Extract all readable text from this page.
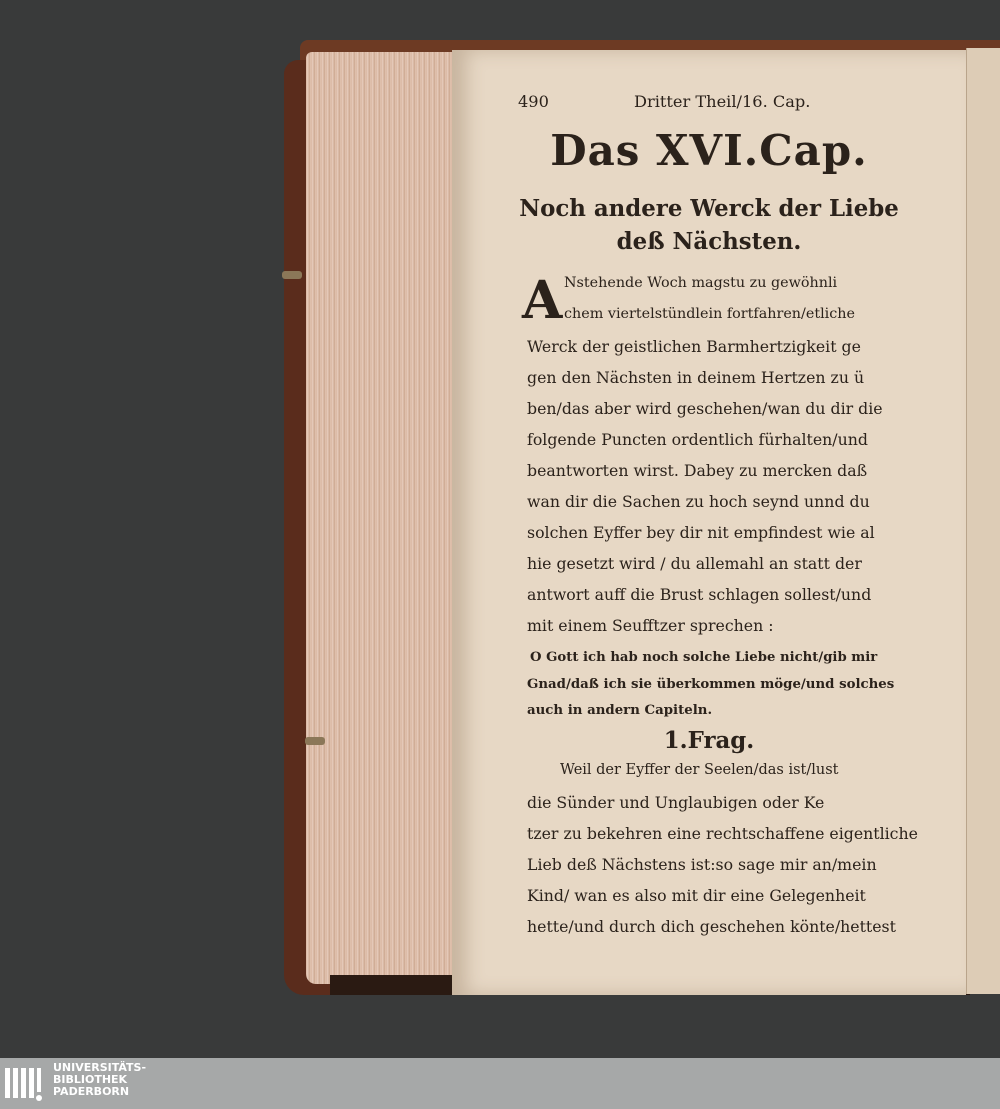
490	Dritter Theil/16. Cap.
Das XVI.Cap.
Noch andere Werck der Liebe
deß Nächsten.
A Nstehende Woch magstu zu gewöhnli
chem viertelstündlein fortfahren/etliche
Werck der geistlichen Barmhertzigkeit ge
gen den Nächsten in deinem Hertzen zu ü
ben/das aber wird geschehen/wan du dir die
folgende Puncten ordentlich fürhalten/und
beantworten wirst. Dabey zu mercken daß
wan dir die Sachen zu hoch seynd unnd du
solchen Eyffer bey dir nit empfindest wie al
hie gesetzt wird / du allemahl an statt der
antwort auff die Brust schlagen sollest/und
mit einem Seufftzer sprechen :
O Gott ich hab noch solche Liebe nicht/gib mir
Gnad/daß ich sie überkommen möge/und solches
auch in andern Capiteln.
1.Frag.
Weil der Eyffer der Seelen/das ist/lust
die Sünder und Unglaubigen oder Ke
tzer zu bekehren eine rechtschaffene eigentliche
Lieb deß Nächstens ist:so sage mir an/mein
Kind/ wan es also mit dir eine Gelegenheit
hette/und durch dich geschehen könte/hettest
UNIVERSITÄTS-
BIBLIOTHEK
PADERBORN
